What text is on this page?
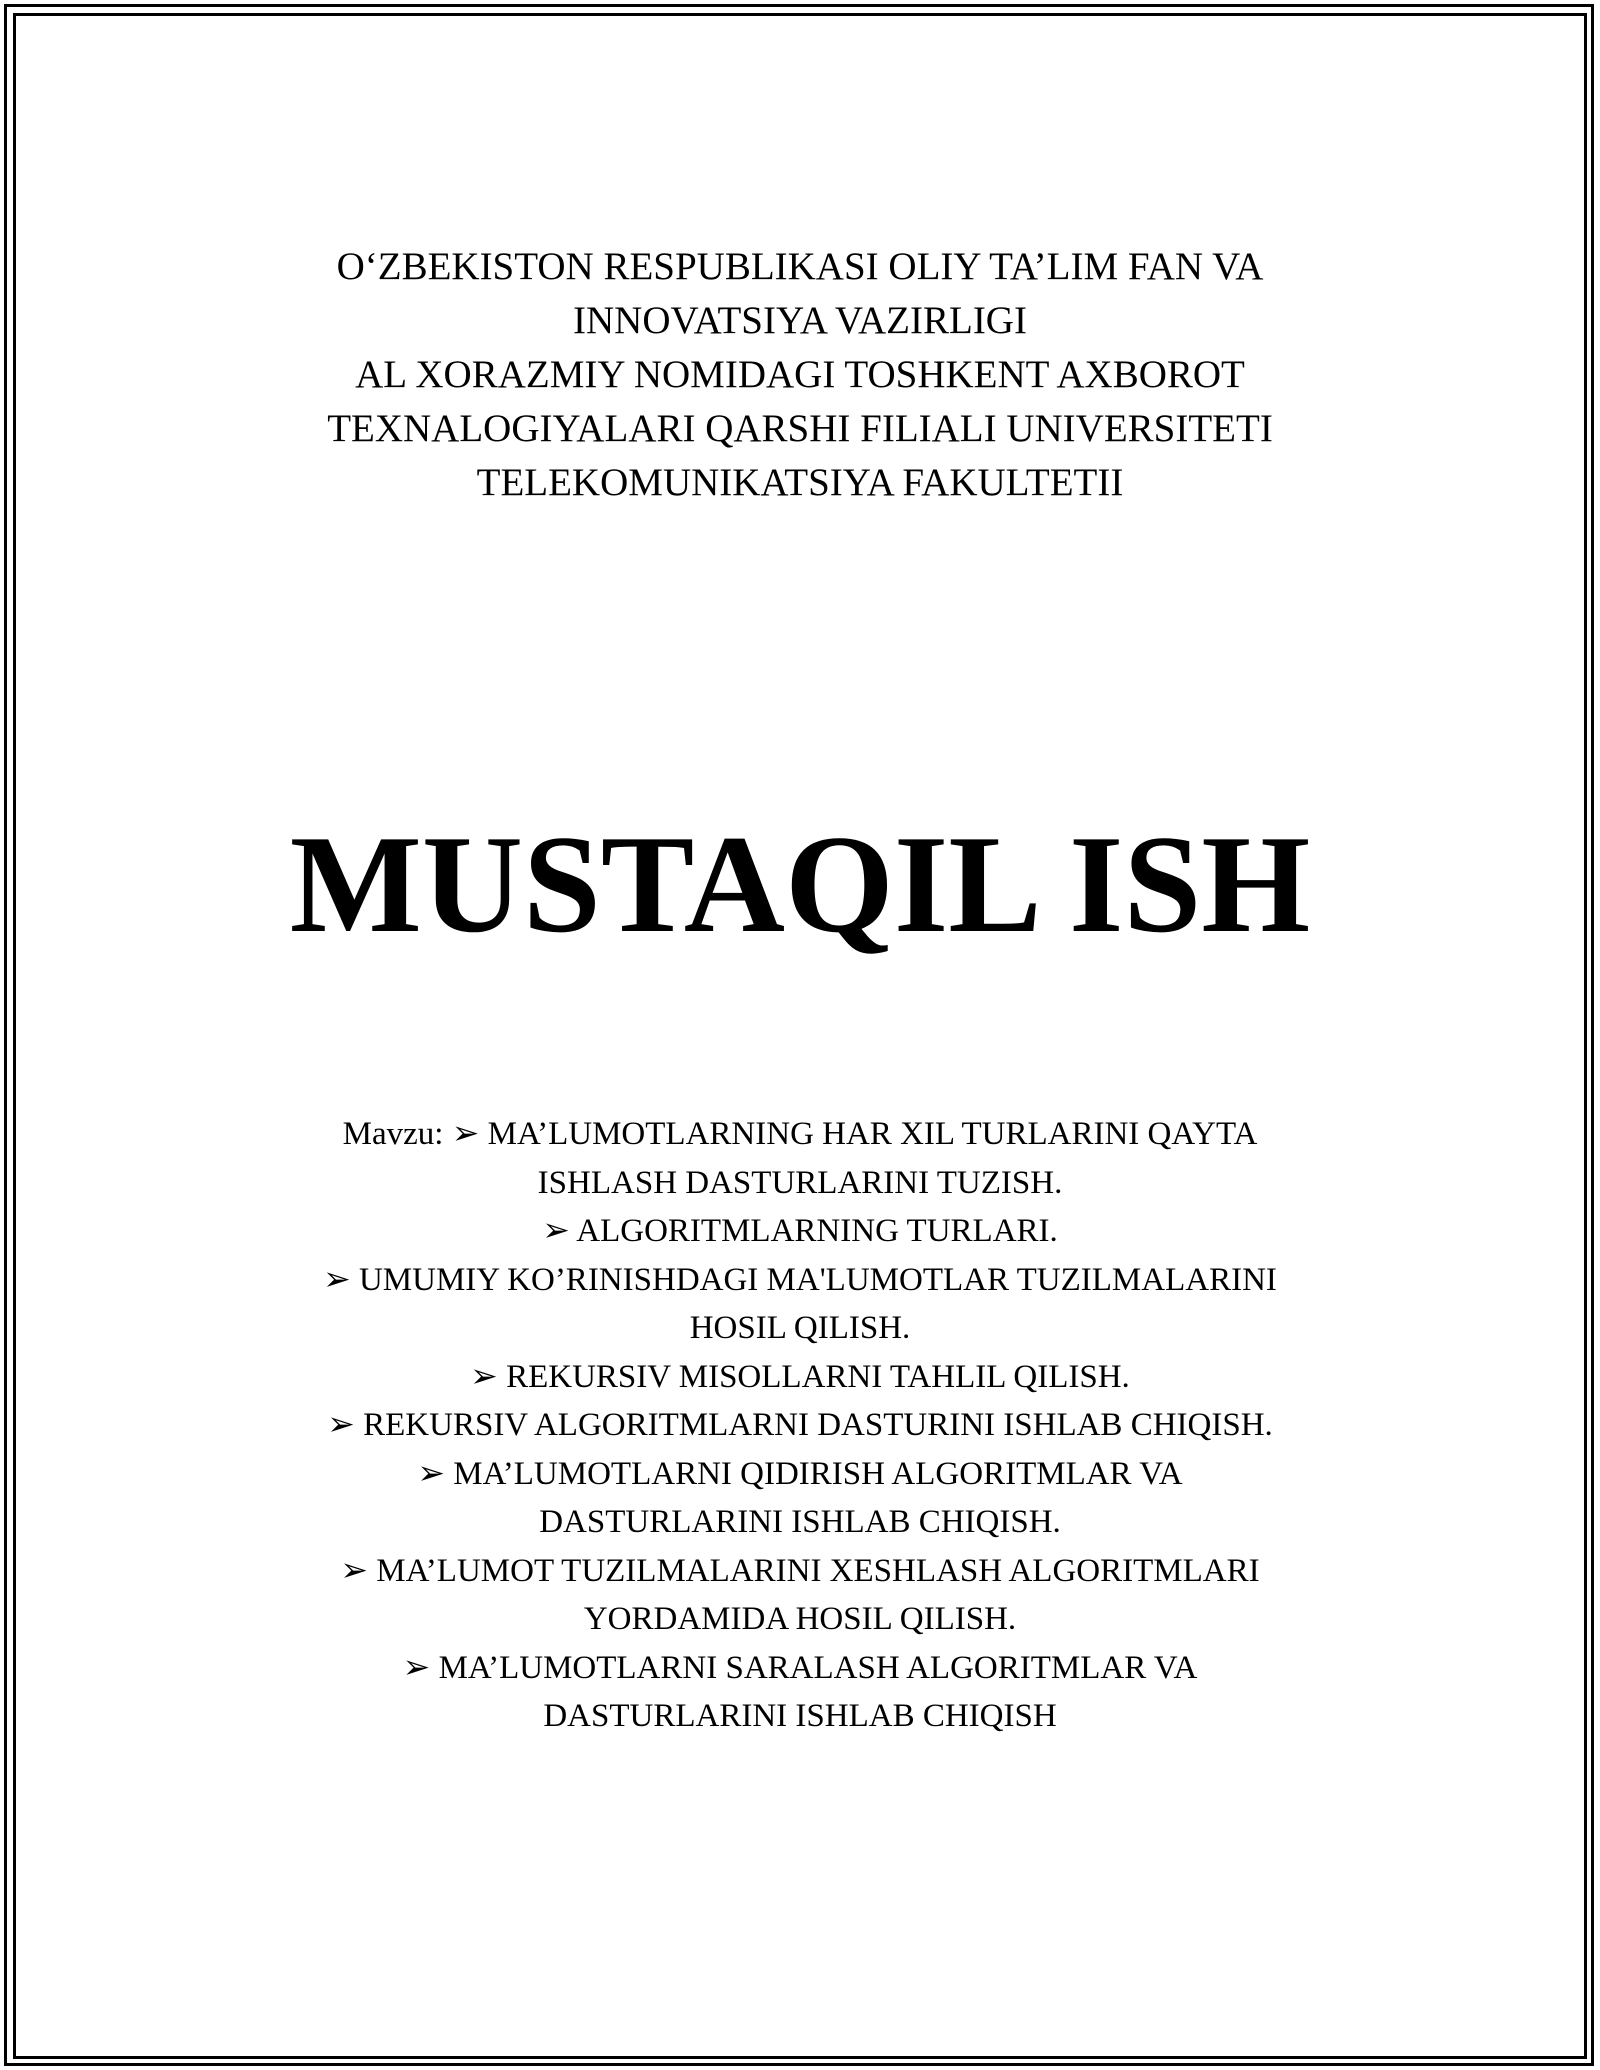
O‘ZBEKISTON RESPUBLIKASI OLIY TA’LIM FAN VA
INNOVATSIYA VAZIRLIGI
AL XORAZMIY NOMIDAGI TOSHKENT AXBOROT
TEXNALOGIYALARI QARSHI FILIALI UNIVERSITETI
TELEKOMUNIKATSIYA FAKULTETII
MUSTAQIL ISH
Mavzu: ➢ MA’LUMOTLARNING HAR XIL TURLARINI QAYTA
ISHLASH DASTURLARINI TUZISH.
➢ ALGORITMLARNING TURLARI.
➢ UMUMIY KO’RINISHDAGI MA'LUMOTLAR TUZILMALARINI
HOSIL QILISH.
➢ REKURSIV MISOLLARNI TAHLIL QILISH.
➢ REKURSIV ALGORITMLARNI DASTURINI ISHLAB CHIQISH.
➢ MA’LUMOTLARNI QIDIRISH ALGORITMLAR VA
DASTURLARINI ISHLAB CHIQISH.
➢ MA’LUMOT TUZILMALARINI XESHLASH ALGORITMLARI
YORDAMIDA HOSIL QILISH.
➢ MA’LUMOTLARNI SARALASH ALGORITMLAR VA
DASTURLARINI ISHLAB CHIQISH
